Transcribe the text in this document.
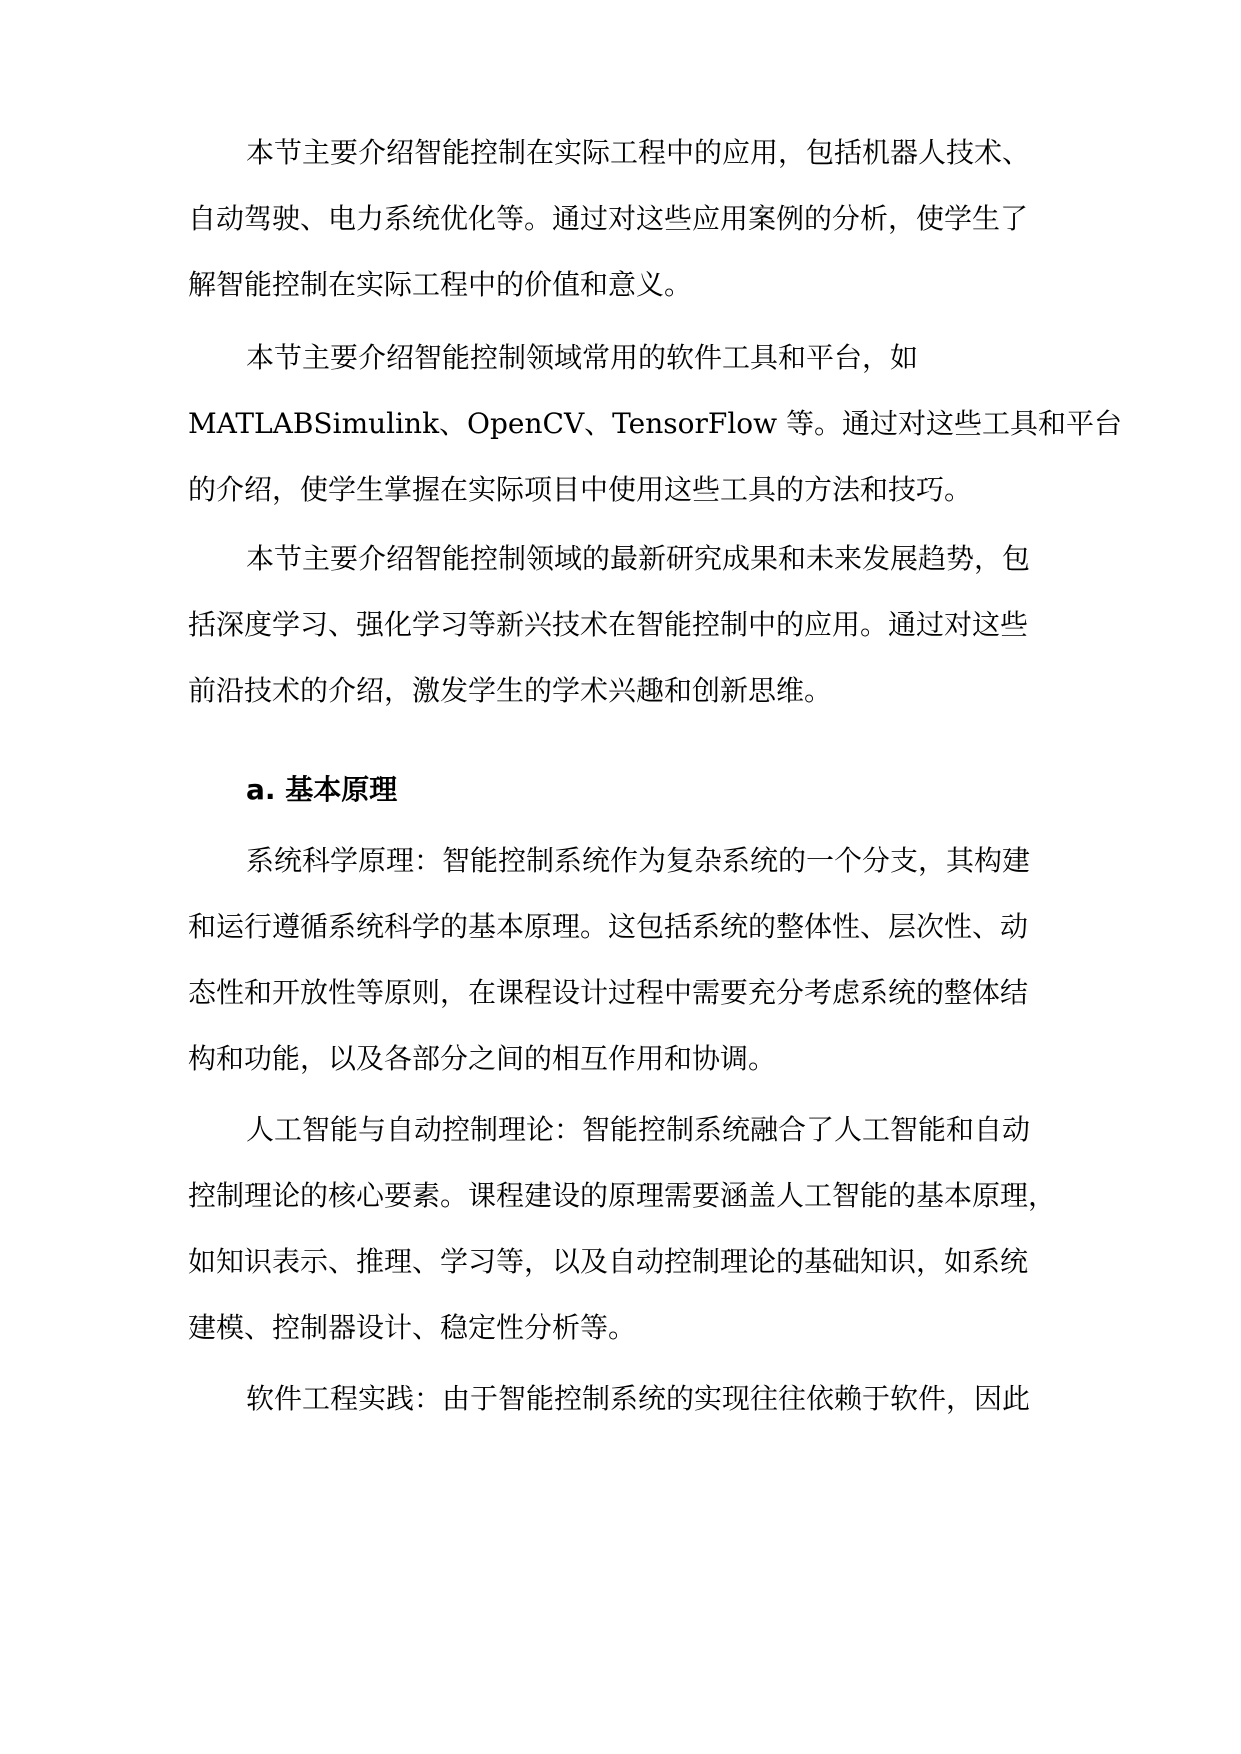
本节主要介绍智能控制在实际工程中的应用，包括机器人技术、

自动驾驶、电力系统优化等。通过对这些应用案例的分析，使学生了

解智能控制在实际工程中的价值和意义。

本节主要介绍智能控制领域常用的软件工具和平台，如

MATLABSimulink、OpenCV、TensorFlow 等。通过对这些工具和平台

的介绍，使学生掌握在实际项目中使用这些工具的方法和技巧。

本节主要介绍智能控制领域的最新研究成果和未来发展趋势，包

括深度学习、强化学习等新兴技术在智能控制中的应用。通过对这些

前沿技术的介绍，激发学生的学术兴趣和创新思维。

a. 基本原理

系统科学原理：智能控制系统作为复杂系统的一个分支，其构建

和运行遵循系统科学的基本原理。这包括系统的整体性、层次性、动

态性和开放性等原则，在课程设计过程中需要充分考虑系统的整体结

构和功能，以及各部分之间的相互作用和协调。

人工智能与自动控制理论：智能控制系统融合了人工智能和自动

控制理论的核心要素。课程建设的原理需要涵盖人工智能的基本原理，

如知识表示、推理、学习等，以及自动控制理论的基础知识，如系统

建模、控制器设计、稳定性分析等。

软件工程实践：由于智能控制系统的实现往往依赖于软件，因此
